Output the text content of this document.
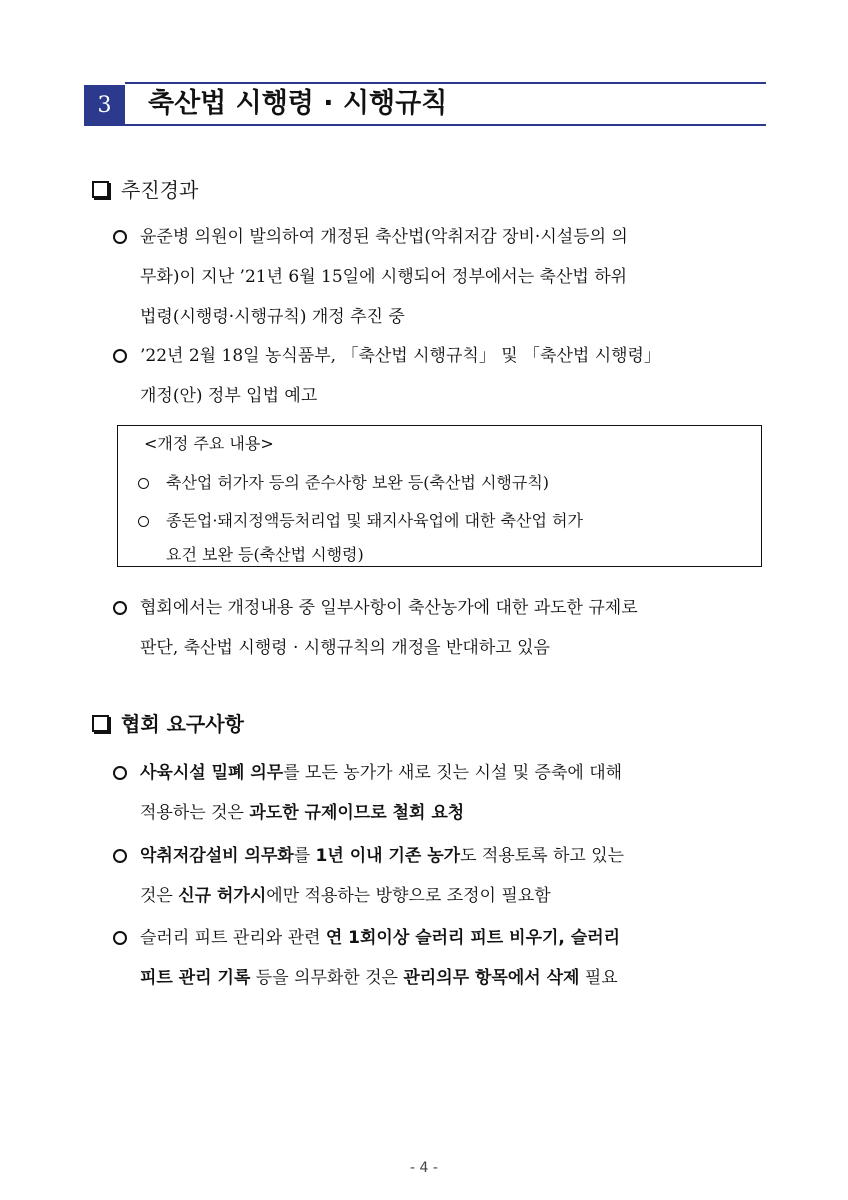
3	축산법 시행령 · 시행규칙
추진경과
윤준병 의원이 발의하여 개정된 축산법(악취저감 장비·시설등의 의
무화)이 지난 ’21년 6월 15일에 시행되어 정부에서는 축산법 하위
법령(시행령·시행규칙) 개정 추진 중
’22년 2월 18일 농식품부, 「축산법 시행규칙」 및 「축산법 시행령」
개정(안) 정부 입법 예고
<개정 주요 내용>
축산업 허가자 등의 준수사항 보완 등(축산법 시행규칙)
종돈업·돼지정액등처리업 및 돼지사육업에 대한 축산업 허가
요건 보완 등(축산법 시행령)
협회에서는 개정내용 중 일부사항이 축산농가에 대한 과도한 규제로
판단, 축산법 시행령 · 시행규칙의 개정을 반대하고 있음
협회 요구사항
사육시설 밀폐 의무를 모든 농가가 새로 짓는 시설 및 증축에 대해
적용하는 것은 과도한 규제이므로 철회 요청
악취저감설비 의무화를 1년 이내 기존 농가도 적용토록 하고 있는
것은 신규 허가시에만 적용하는 방향으로 조정이 필요함
슬러리 피트 관리와 관련 연 1회이상 슬러리 피트 비우기, 슬러리
피트 관리 기록 등을 의무화한 것은 관리의무 항목에서 삭제 필요
- 4 -
